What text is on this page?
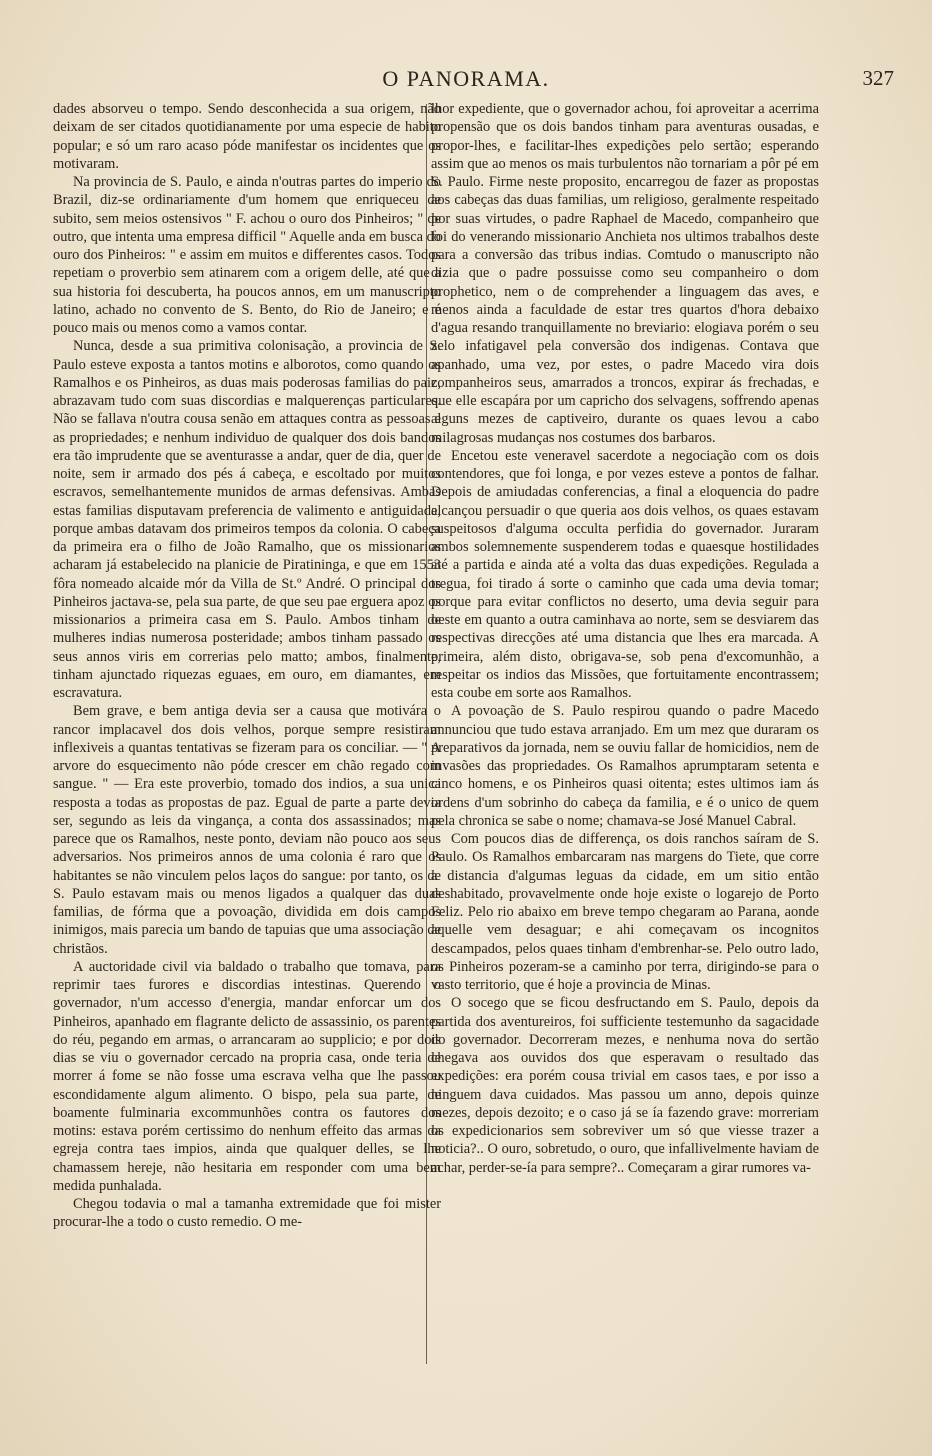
O PANORAMA.	327

dades absorveu o tempo. Sendo desconhecida a sua origem, não deixam de ser citados quotidianamente por uma especie de habito popular; e só um raro acaso póde manifestar os incidentes que os motivaram.

Na provincia de S. Paulo, e ainda n'outras partes do imperio do Brazil, diz-se ordinariamente d'um homem que enriqueceu de subito, sem meios ostensivos " F. achou o ouro dos Pinheiros; " de outro, que intenta uma empresa difficil " Aquelle anda em busca do ouro dos Pinheiros: " e assim em muitos e differentes casos. Todos repetiam o proverbio sem atinarem com a origem delle, até que a sua historia foi descuberta, ha poucos annos, em um manuscripto latino, achado no convento de S. Bento, do Rio de Janeiro; e é pouco mais ou menos como a vamos contar.

Nunca, desde a sua primitiva colonisação, a provincia de S. Paulo esteve exposta a tantos motins e alborotos, como quando os Ramalhos e os Pinheiros, as duas mais poderosas familias do paiz, abrazavam tudo com suas discordias e malquerenças particulares. Não se fallava n'outra cousa senão em attaques contra as pessoas e as propriedades; e nenhum individuo de qualquer dos dois bandos era tão imprudente que se aventurasse a andar, quer de dia, quer de noite, sem ir armado dos pés á cabeça, e escoltado por muitos escravos, semelhantemente munidos de armas defensivas. Ambas estas familias disputavam preferencia de valimento e antiguidade, porque ambas datavam dos primeiros tempos da colonia. O cabeça da primeira era o filho de João Ramalho, que os missionarios acharam já estabelecido na planicie de Piratininga, e que em 1553 fôra nomeado alcaide mór da Villa de St.º André. O principal dos Pinheiros jactava-se, pela sua parte, de que seu pae erguera apoz os missionarios a primeira casa em S. Paulo. Ambos tinham de mulheres indias numerosa posteridade; ambos tinham passado os seus annos viris em correrias pelo matto; ambos, finalmente, tinham ajunctado riquezas eguaes, em ouro, em diamantes, em escravatura.

Bem grave, e bem antiga devia ser a causa que motivára o rancor implacavel dos dois velhos, porque sempre resistiram inflexiveis a quantas tentativas se fizeram para os conciliar. — " A arvore do esquecimento não póde crescer em chão regado com sangue. " — Era este proverbio, tomado dos indios, a sua unica resposta a todas as propostas de paz. Egual de parte a parte devia ser, segundo as leis da vingança, a conta dos assassinados; mas parece que os Ramalhos, neste ponto, deviam não pouco aos seus adversarios. Nos primeiros annos de uma colonia é raro que os habitantes se não vinculem pelos laços do sangue: por tanto, os de S. Paulo estavam mais ou menos ligados a qualquer das duas familias, de fórma que a povoação, dividida em dois campos inimigos, mais parecia um bando de tapuias que uma associação de christãos.

A auctoridade civil via baldado o trabalho que tomava, para reprimir taes furores e discordias intestinas. Querendo o governador, n'um accesso d'energia, mandar enforcar um dos Pinheiros, apanhado em flagrante delicto de assassinio, os parentes do réu, pegando em armas, o arrancaram ao supplicio; e por dois dias se viu o governador cercado na propria casa, onde teria de morrer á fome se não fosse uma escrava velha que lhe passou escondidamente algum alimento. O bispo, pela sua parte, de boamente fulminaria excommunhões contra os fautores dos motins: estava porém certissimo do nenhum effeito das armas da egreja contra taes impios, ainda que qualquer delles, se lhe chamassem hereje, não hesitaria em responder com uma bem medida punhalada.

Chegou todavia o mal a tamanha extremidade que foi mister procurar-lhe a todo o custo remedio. O me-

lhor expediente, que o governador achou, foi aproveitar a acerrima propensão que os dois bandos tinham para aventuras ousadas, e propor-lhes, e facilitar-lhes expedições pelo sertão; esperando assim que ao menos os mais turbulentos não tornariam a pôr pé em S. Paulo. Firme neste proposito, encarregou de fazer as propostas aos cabeças das duas familias, um religioso, geralmente respeitado por suas virtudes, o padre Raphael de Macedo, companheiro que foi do venerando missionario Anchieta nos ultimos trabalhos deste para a conversão das tribus indias. Comtudo o manuscripto não dizia que o padre possuisse como seu companheiro o dom prophetico, nem o de comprehender a linguagem das aves, e menos ainda a faculdade de estar tres quartos d'hora debaixo d'agua resando tranquillamente no breviario: elogiava porém o seu zelo infatigavel pela conversão dos indigenas. Contava que apanhado, uma vez, por estes, o padre Macedo vira dois companheiros seus, amarrados a troncos, expirar ás frechadas, e que elle escapára por um capricho dos selvagens, soffrendo apenas alguns mezes de captiveiro, durante os quaes levou a cabo milagrosas mudanças nos costumes dos barbaros.

Encetou este veneravel sacerdote a negociação com os dois contendores, que foi longa, e por vezes esteve a pontos de falhar. Depois de amiudadas conferencias, a final a eloquencia do padre alcançou persuadir o que queria aos dois velhos, os quaes estavam suspeitosos d'alguma occulta perfidia do governador. Juraram ambos solemnemente suspenderem todas e quaesque hostilidades até a partida e ainda até a volta das duas expedições. Regulada a tregua, foi tirado á sorte o caminho que cada uma devia tomar; porque para evitar conflictos no deserto, uma devia seguir para oeste em quanto a outra caminhava ao norte, sem se desviarem das respectivas direcções até uma distancia que lhes era marcada. A primeira, além disto, obrigava-se, sob pena d'excomunhão, a respeitar os indios das Missões, que fortuitamente encontrassem; esta coube em sorte aos Ramalhos.

A povoação de S. Paulo respirou quando o padre Macedo annunciou que tudo estava arranjado. Em um mez que duraram os preparativos da jornada, nem se ouviu fallar de homicidios, nem de invasões das propriedades. Os Ramalhos aprumptaram setenta e cinco homens, e os Pinheiros quasi oitenta; estes ultimos iam ás ordens d'um sobrinho do cabeça da familia, e é o unico de quem pela chronica se sabe o nome; chamava-se José Manuel Cabral.

Com poucos dias de differença, os dois ranchos saíram de S. Paulo. Os Ramalhos embarcaram nas margens do Tiete, que corre a distancia d'algumas leguas da cidade, em um sitio então deshabitado, provavelmente onde hoje existe o logarejo de Porto Feliz. Pelo rio abaixo em breve tempo chegaram ao Parana, aonde aquelle vem desaguar; e ahi começavam os incognitos descampados, pelos quaes tinham d'embrenhar-se. Pelo outro lado, os Pinheiros pozeram-se a caminho por terra, dirigindo-se para o vasto territorio, que é hoje a provincia de Minas.

O socego que se ficou desfructando em S. Paulo, depois da partida dos aventureiros, foi sufficiente testemunho da sagacidade do governador. Decorreram mezes, e nenhuma nova do sertão chegava aos ouvidos dos que esperavam o resultado das expedições: era porém cousa trivial em casos taes, e por isso a ninguem dava cuidados. Mas passou um anno, depois quinze mezes, depois dezoito; e o caso já se ía fazendo grave: morreriam os expedicionarios sem sobreviver um só que viesse trazer a noticia?.. O ouro, sobretudo, o ouro, que infallivelmente haviam de achar, perder-se-ía para sempre?.. Começaram a girar rumores va-
